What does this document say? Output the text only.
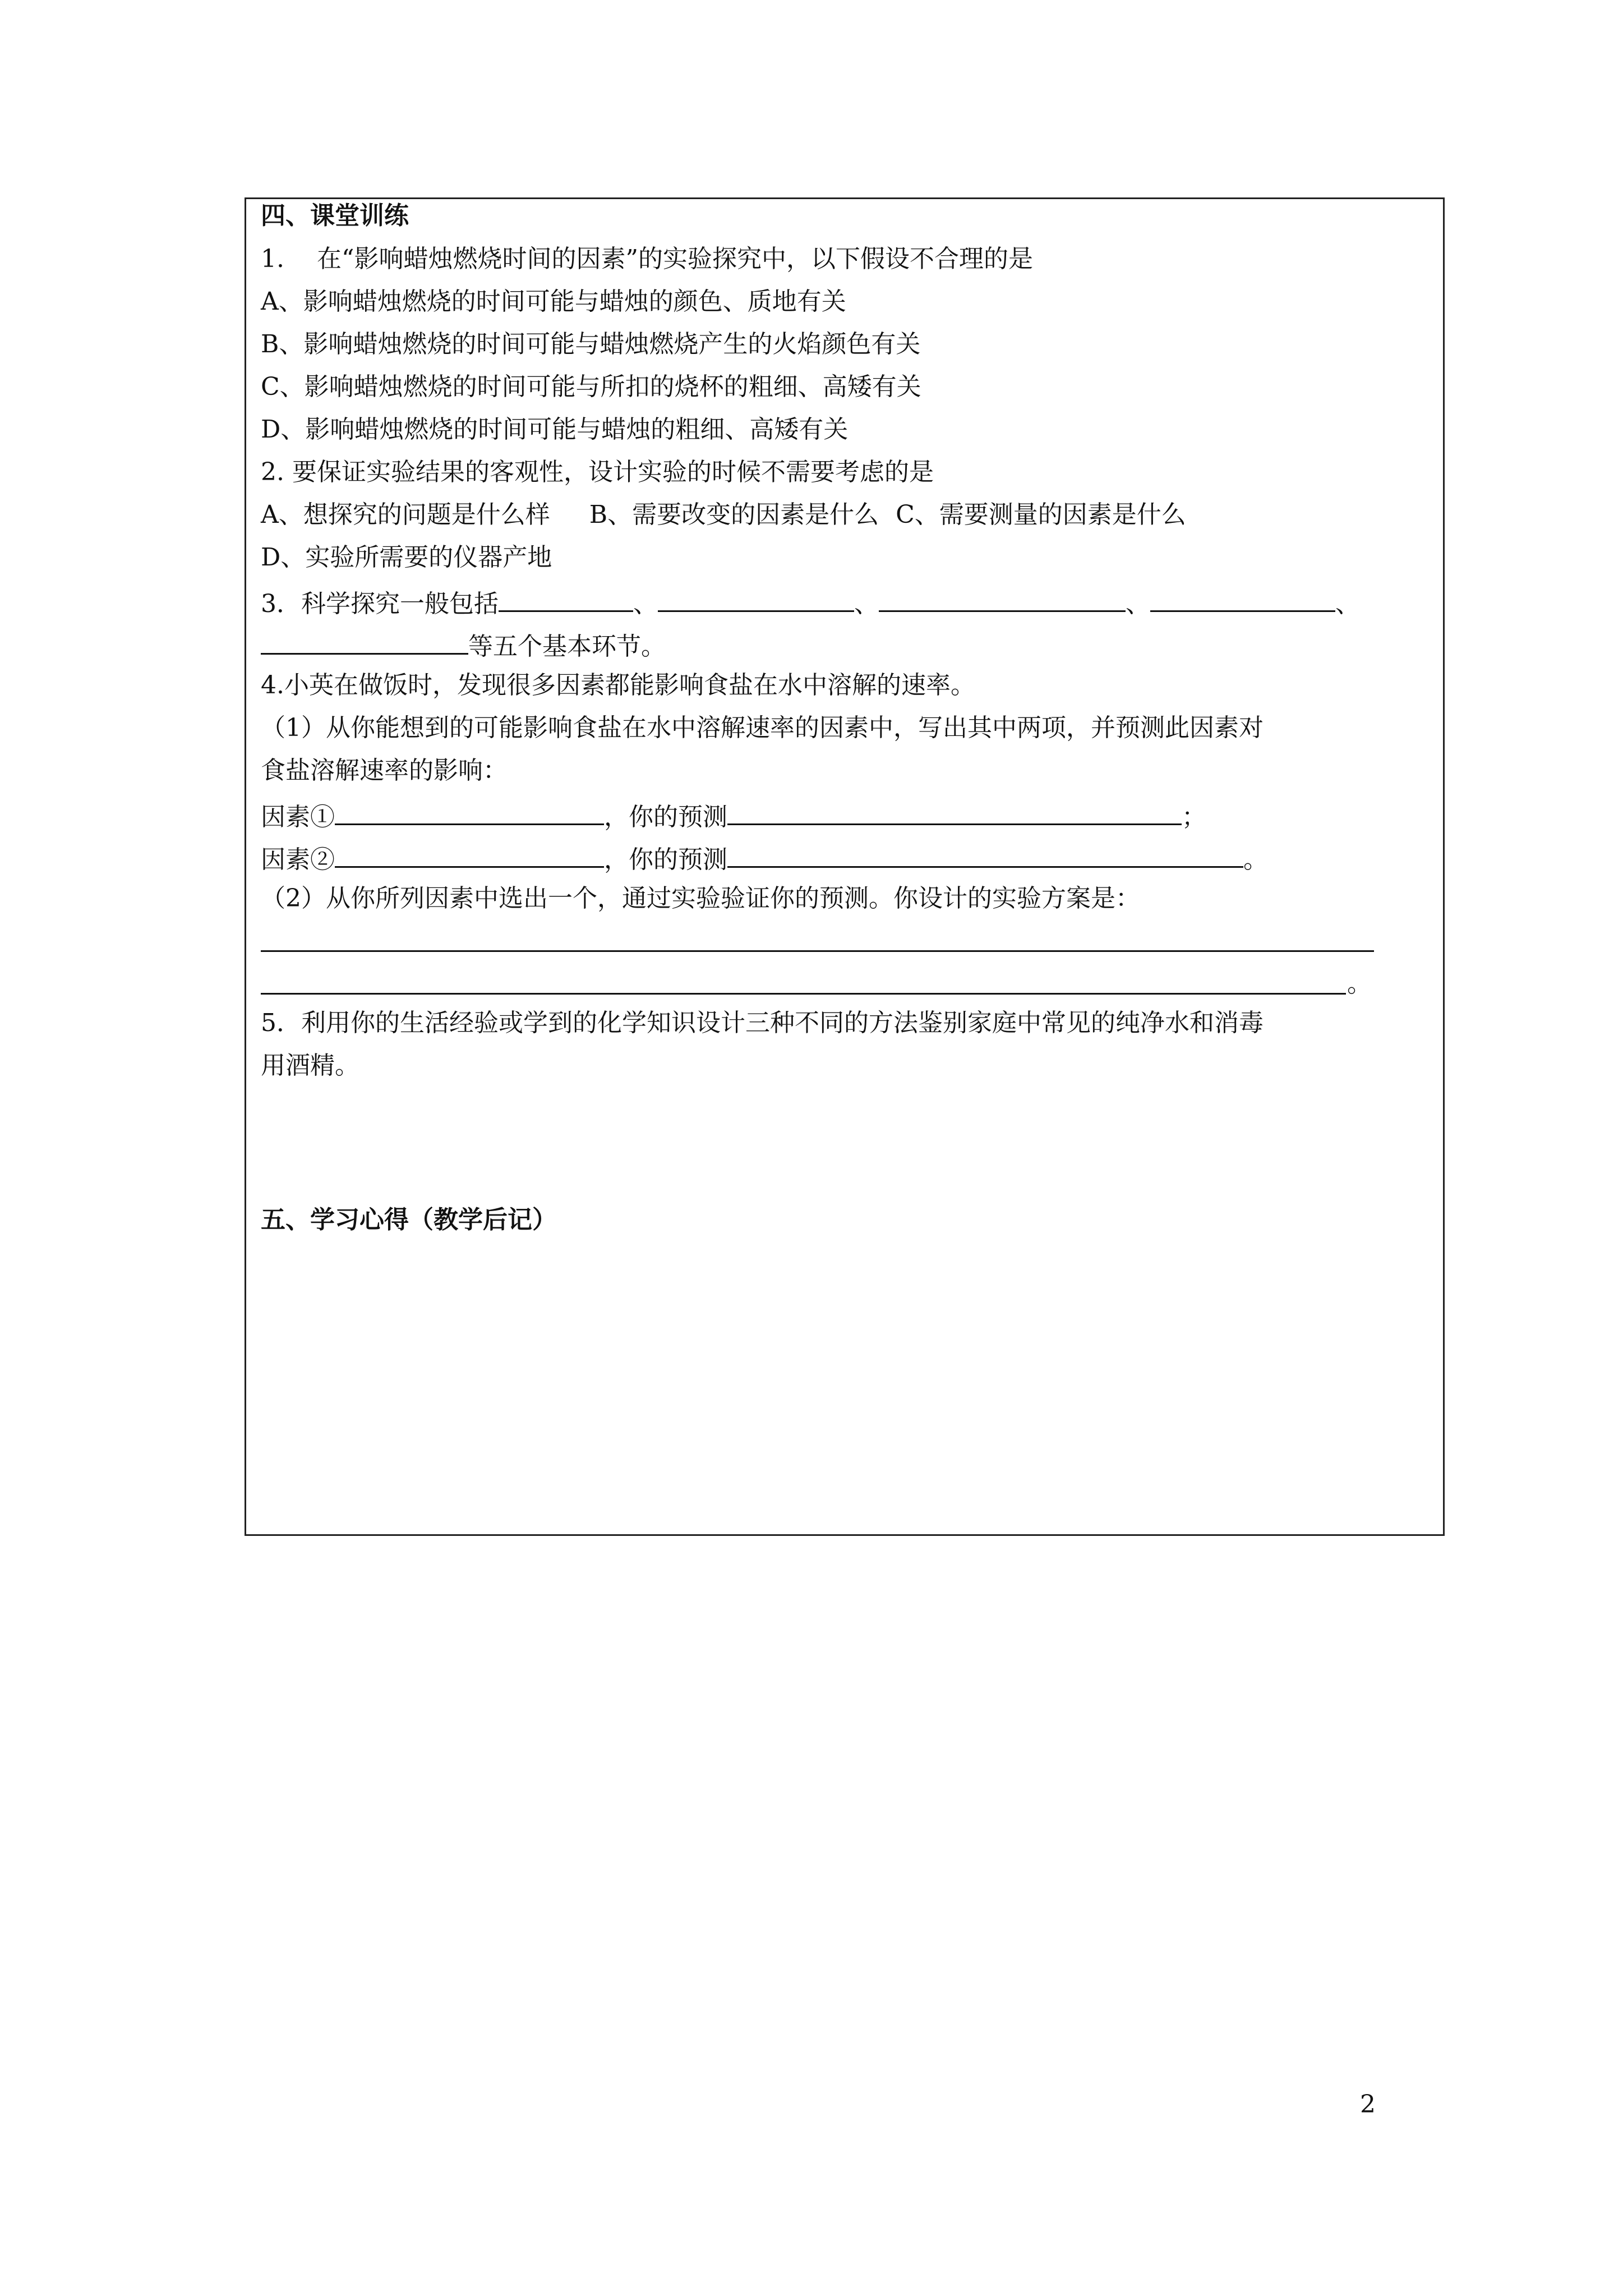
四、课堂训练
1.　 在“影响蜡烛燃烧时间的因素”的实验探究中，以下假设不合理的是
A、影响蜡烛燃烧的时间可能与蜡烛的颜色、质地有关
B、影响蜡烛燃烧的时间可能与蜡烛燃烧产生的火焰颜色有关
C、影响蜡烛燃烧的时间可能与所扣的烧杯的粗细、高矮有关
D、影响蜡烛燃烧的时间可能与蜡烛的粗细、高矮有关
2. 要保证实验结果的客观性，设计实验的时候不需要考虑的是
A、想探究的问题是什么样 B、需要改变的因素是什么 C、需要测量的因素是什么
D、实验所需要的仪器产地
3．科学探究一般包括	、	、	、	、
等五个基本环节。
4.小英在做饭时，发现很多因素都能影响食盐在水中溶解的速率。
（1）从你能想到的可能影响食盐在水中溶解速率的因素中，写出其中两项，并预测此因素对
食盐溶解速率的影响：
因素①	，你的预测	；
因素②	，你的预测	。
（2）从你所列因素中选出一个，通过实验验证你的预测。你设计的实验方案是：
。
5．利用你的生活经验或学到的化学知识设计三种不同的方法鉴别家庭中常见的纯净水和消毒
用酒精。
五、学习心得（教学后记）
2
